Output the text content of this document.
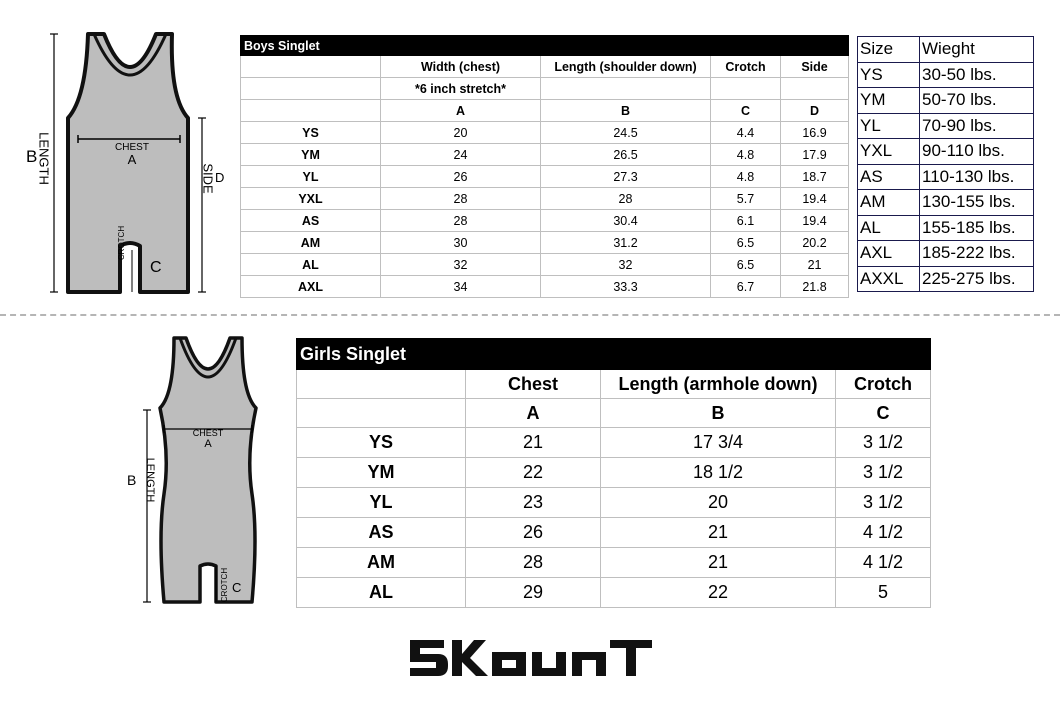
CHEST
A
B LENGTH	SIDE D
CROTCH
C
Boys Singlet				
	Width (chest)	Length (shoulder down)	Crotch	Side
	*6 inch stretch*			
	A	B	C	D
YS	20	24.5	4.4	16.9
YM	24	26.5	4.8	17.9
YL	26	27.3	4.8	18.7
YXL	28	28	5.7	19.4
AS	28	30.4	6.1	19.4
AM	30	31.2	6.5	20.2
AL	32	32	6.5	21
AXL	34	33.3	6.7	21.8
Size	Wieght
YS	30-50 lbs.
YM	50-70 lbs.
YL	70-90 lbs.
YXL	90-110 lbs.
AS	110-130 lbs.
AM	130-155 lbs.
AL	155-185 lbs.
AXL	185-222 lbs.
AXXL	225-275 lbs.
CHEST
A
B LENGTH
CROTCH C
Girls Singlet			
	Chest	Length (armhole down)	Crotch
	A	B	C
YS	21	17 3/4	3 1/2
YM	22	18 1/2	3 1/2
YL	23	20	3 1/2
AS	26	21	4 1/2
AM	28	21	4 1/2
AL	29	22	5
